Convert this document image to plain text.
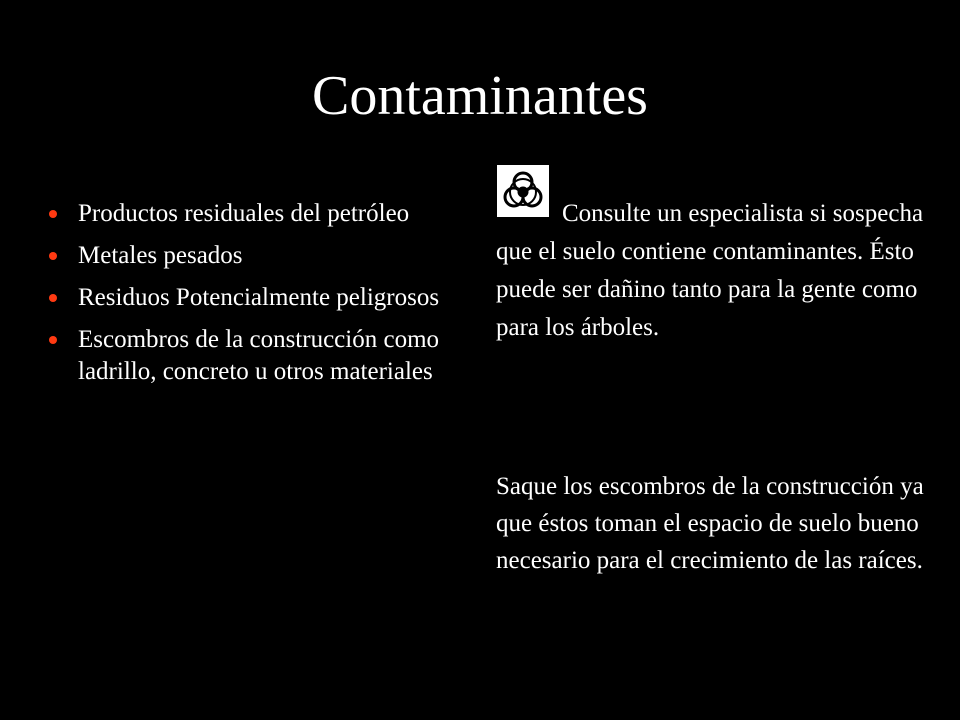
Contaminantes
Productos residuales del petróleo
Metales pesados
Residuos Potencialmente peligrosos
Escombros de la construcción como ladrillo, concreto u otros materiales
Consulte un especialista si sospecha que el suelo contiene contaminantes. Ésto puede ser dañino tanto para la gente como para los árboles.
Saque los escombros de la construcción ya que éstos toman el espacio de suelo bueno necesario para el crecimiento de las raíces.
